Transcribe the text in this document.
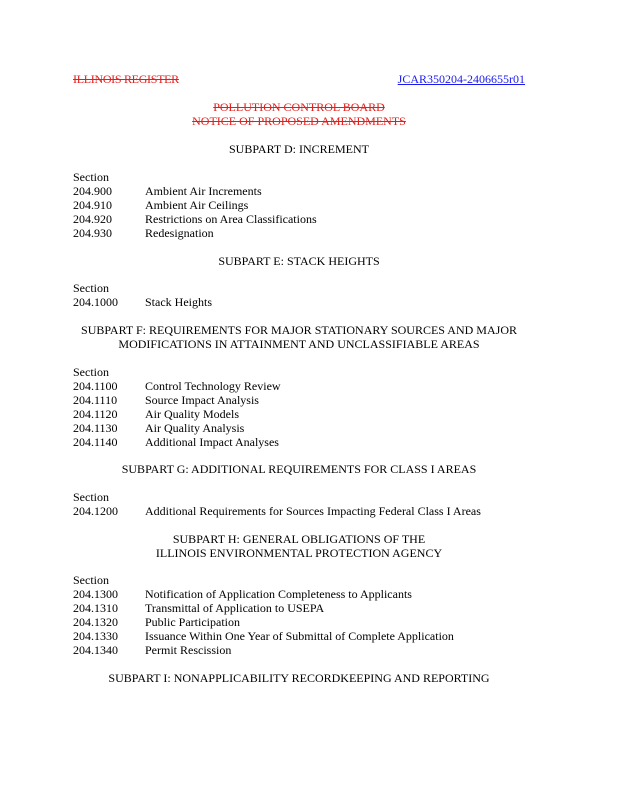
ILLINOIS REGISTER	JCAR350204-2406655r01
POLLUTION CONTROL BOARD
NOTICE OF PROPOSED AMENDMENTS
SUBPART D: INCREMENT
Section
204.900	Ambient Air Increments
204.910	Ambient Air Ceilings
204.920	Restrictions on Area Classifications
204.930	Redesignation
SUBPART E: STACK HEIGHTS
Section
204.1000	Stack Heights
SUBPART F: REQUIREMENTS FOR MAJOR STATIONARY SOURCES AND MAJOR
MODIFICATIONS IN ATTAINMENT AND UNCLASSIFIABLE AREAS
Section
204.1100	Control Technology Review
204.1110	Source Impact Analysis
204.1120	Air Quality Models
204.1130	Air Quality Analysis
204.1140	Additional Impact Analyses
SUBPART G: ADDITIONAL REQUIREMENTS FOR CLASS I AREAS
Section
204.1200	Additional Requirements for Sources Impacting Federal Class I Areas
SUBPART H: GENERAL OBLIGATIONS OF THE
ILLINOIS ENVIRONMENTAL PROTECTION AGENCY
Section
204.1300	Notification of Application Completeness to Applicants
204.1310	Transmittal of Application to USEPA
204.1320	Public Participation
204.1330	Issuance Within One Year of Submittal of Complete Application
204.1340	Permit Rescission
SUBPART I: NONAPPLICABILITY RECORDKEEPING AND REPORTING
